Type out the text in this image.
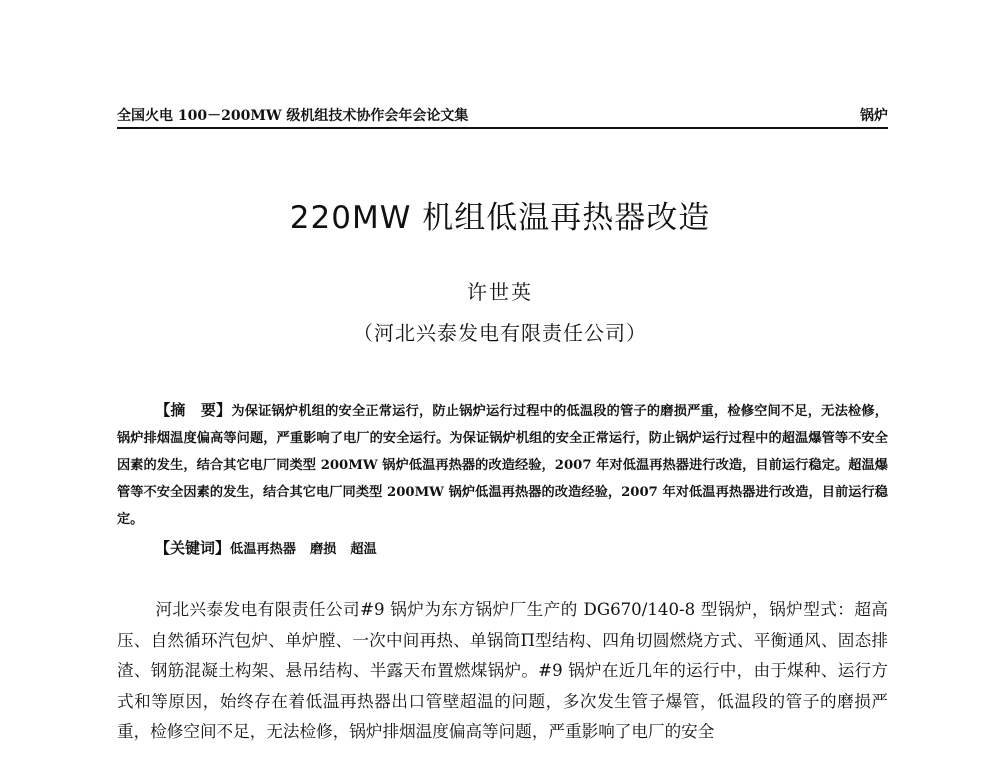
全国火电 100－200MW 级机组技术协作会年会论文集	锅炉
220MW 机组低温再热器改造
许世英
（河北兴泰发电有限责任公司）
【摘　要】为保证锅炉机组的安全正常运行，防止锅炉运行过程中的低温段的管子的磨损严重，检修空间不足，无法检修，锅炉排烟温度偏高等问题，严重影响了电厂的安全运行。为保证锅炉机组的安全正常运行，防止锅炉运行过程中的超温爆管等不安全因素的发生，结合其它电厂同类型 200MW 锅炉低温再热器的改造经验，2007 年对低温再热器进行改造，目前运行稳定。超温爆管等不安全因素的发生，结合其它电厂同类型 200MW 锅炉低温再热器的改造经验，2007 年对低温再热器进行改造，目前运行稳定。
【关键词】低温再热器 磨损 超温
河北兴泰发电有限责任公司#9 锅炉为东方锅炉厂生产的 DG670/140-8 型锅炉，锅炉型式：超高压、自然循环汽包炉、单炉膛、一次中间再热、单锅筒П型结构、四角切圆燃烧方式、平衡通风、固态排渣、钢筋混凝土构架、悬吊结构、半露天布置燃煤锅炉。#9 锅炉在近几年的运行中，由于煤种、运行方式和等原因，始终存在着低温再热器出口管壁超温的问题，多次发生管子爆管，低温段的管子的磨损严重，检修空间不足，无法检修，锅炉排烟温度偏高等问题，严重影响了电厂的安全
